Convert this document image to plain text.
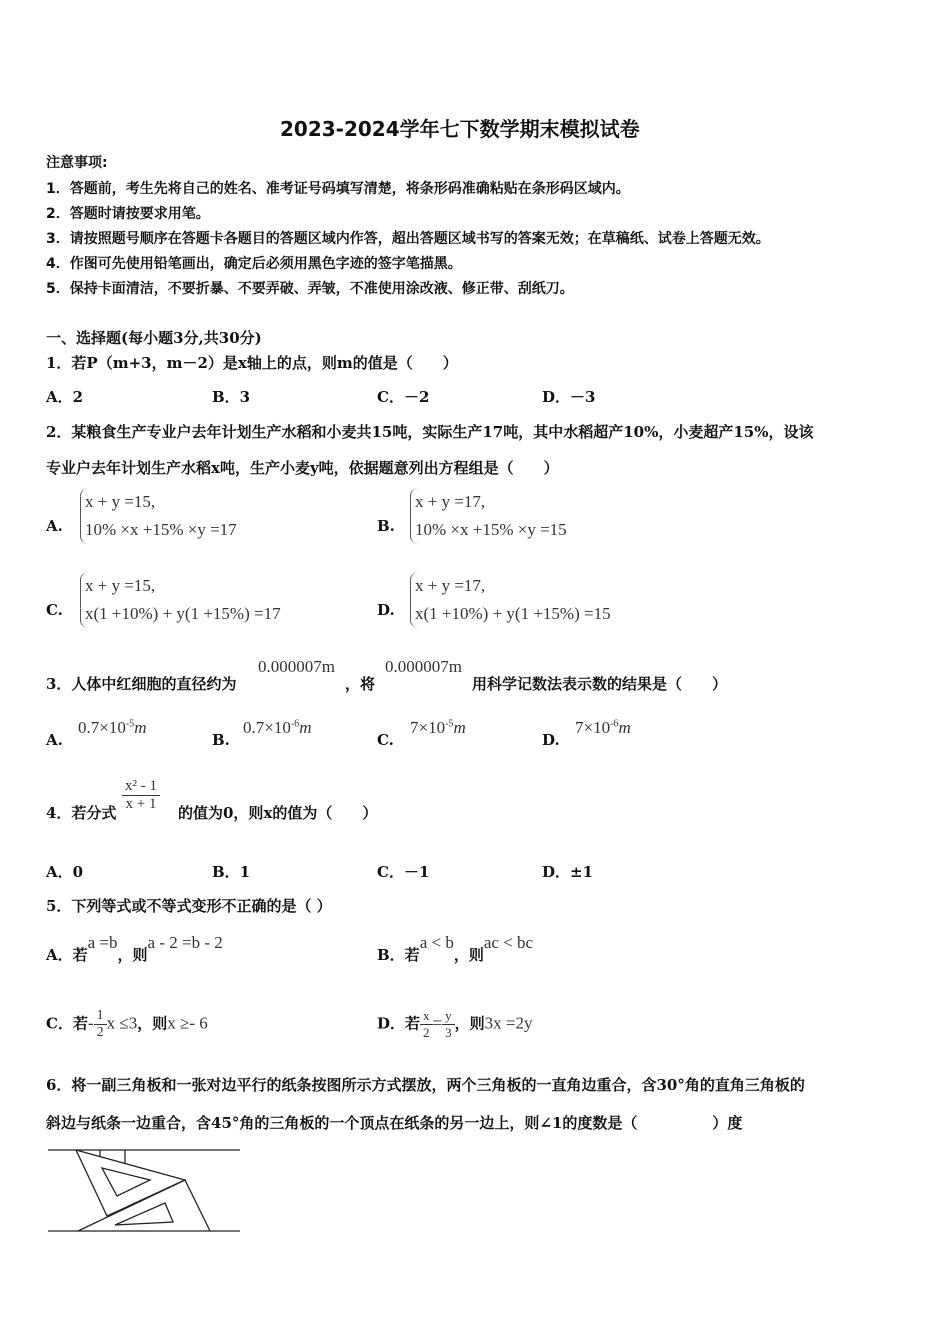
2023-2024学年七下数学期末模拟试卷
注意事项:
1．答题前，考生先将自己的姓名、准考证号码填写清楚，将条形码准确粘贴在条形码区域内。
2．答题时请按要求用笔。
3．请按照题号顺序在答题卡各题目的答题区域内作答，超出答题区域书写的答案无效；在草稿纸、试卷上答题无效。
4．作图可先使用铅笔画出，确定后必须用黑色字迹的签字笔描黑。
5．保持卡面清洁，不要折暴、不要弄破、弄皱，不准使用涂改液、修正带、刮纸刀。
一、选择题(每小题3分,共30分)
1．若P（m+3，m－2）是x轴上的点，则m的值是（　　）
A．2	B．3	C．－2	D．－3
2．某粮食生产专业户去年计划生产水稻和小麦共15吨，实际生产17吨，其中水稻超产10%，小麦超产15%，设该
专业户去年计划生产水稻x吨，生产小麦y吨，依据题意列出方程组是（　　）
A.
x + y =15,
10% ×x +15% ×y =17	B.
x + y =17,
10% ×x +15% ×y =15
C.
x + y =15,
x(1 +10%) + y(1 +15%) =17	D.
x + y =17,
x(1 +10%) + y(1 +15%) =15
3．人体中红细胞的直径约为
0.000007m
，将
0.000007m
用科学记数法表示数的结果是（　　）
A.
$0.7\times 10^{-5}m$
B.
$0.7\times 10^{-6}m$
C.
$7\times 10^{-5}m$
D.
$7\times 10^{-6}m$
4．若分式 $\frac{\text{x² - 1}}{x + 1}$ 的值为0，则x的值为（　　）
A．0	B．1	C．－1	D．±1
5．下列等式或不等式变形不正确的是（ ）
A．若a =b，则a - 2 =b - 2
B．若a < b，则ac < bc
C．若- $\frac{1}{2}$ x ≤3，则x ≥- 6	D．若 $\frac{x}{2} = \frac{y}{3}$ ，则3x =2y
6．将一副三角板和一张对边平行的纸条按图所示方式摆放，两个三角板的一直角边重合，含30°角的直角三角板的
斜边与纸条一边重合，含45°角的三角板的一个顶点在纸条的另一边上，则∠1的度数是（　　　　　）度
